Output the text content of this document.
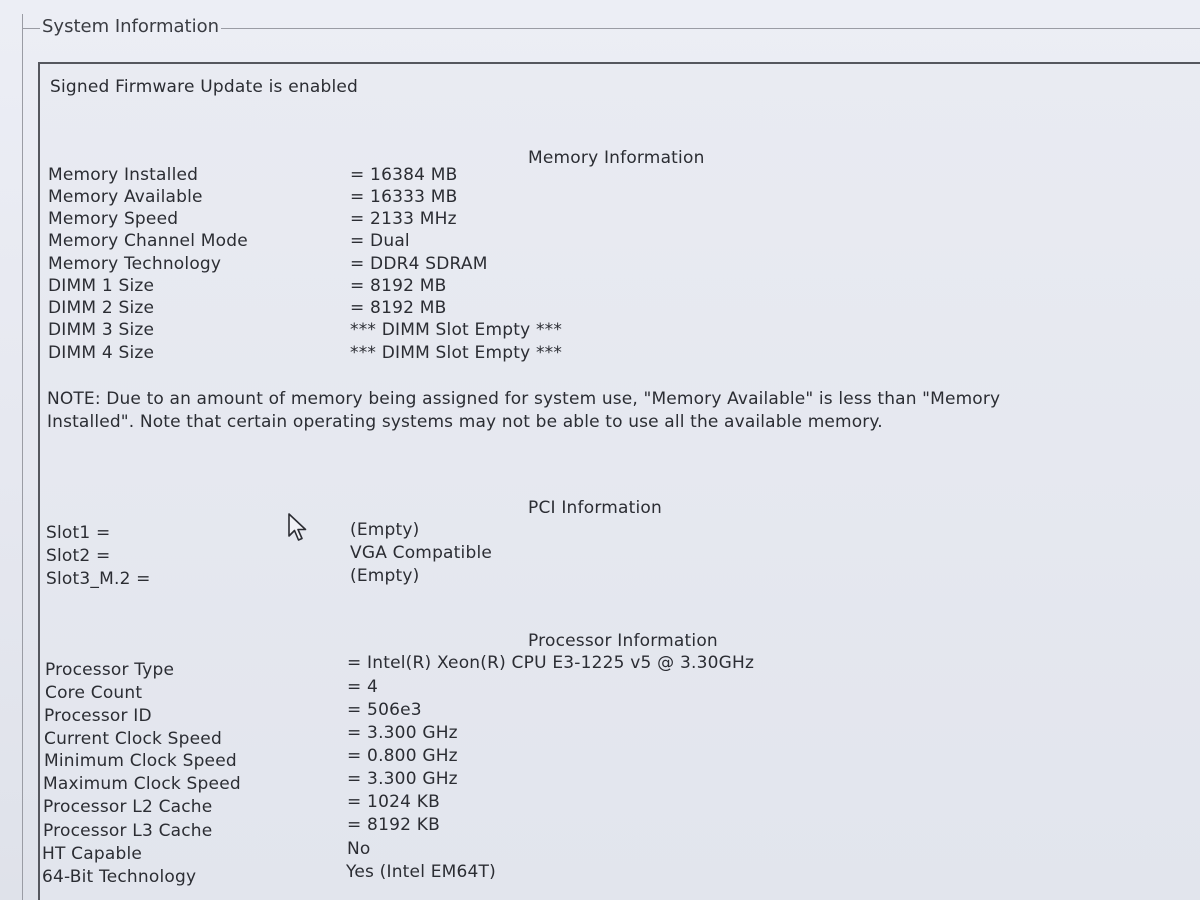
System Information
Signed Firmware Update is enabled
Memory Information
Memory Installed	= 16384 MB
Memory Available	= 16333 MB
Memory Speed	= 2133 MHz
Memory Channel Mode	= Dual
Memory Technology	= DDR4 SDRAM
DIMM 1 Size	= 8192 MB
DIMM 2 Size	= 8192 MB
DIMM 3 Size	*** DIMM Slot Empty ***
DIMM 4 Size	*** DIMM Slot Empty ***
NOTE: Due to an amount of memory being assigned for system use, "Memory Available" is less than "Memory Installed". Note that certain operating systems may not be able to use all the available memory.
PCI Information
Slot1 =	(Empty)
Slot2 =	VGA Compatible
Slot3_M.2 =	(Empty)
Processor Information
Processor Type	= Intel(R) Xeon(R) CPU E3-1225 v5 @ 3.30GHz
Core Count	= 4
Processor ID	= 506e3
Current Clock Speed	= 3.300 GHz
Minimum Clock Speed	= 0.800 GHz
Maximum Clock Speed	= 3.300 GHz
Processor L2 Cache	= 1024 KB
Processor L3 Cache	= 8192 KB
HT Capable	No
64-Bit Technology	Yes (Intel EM64T)
